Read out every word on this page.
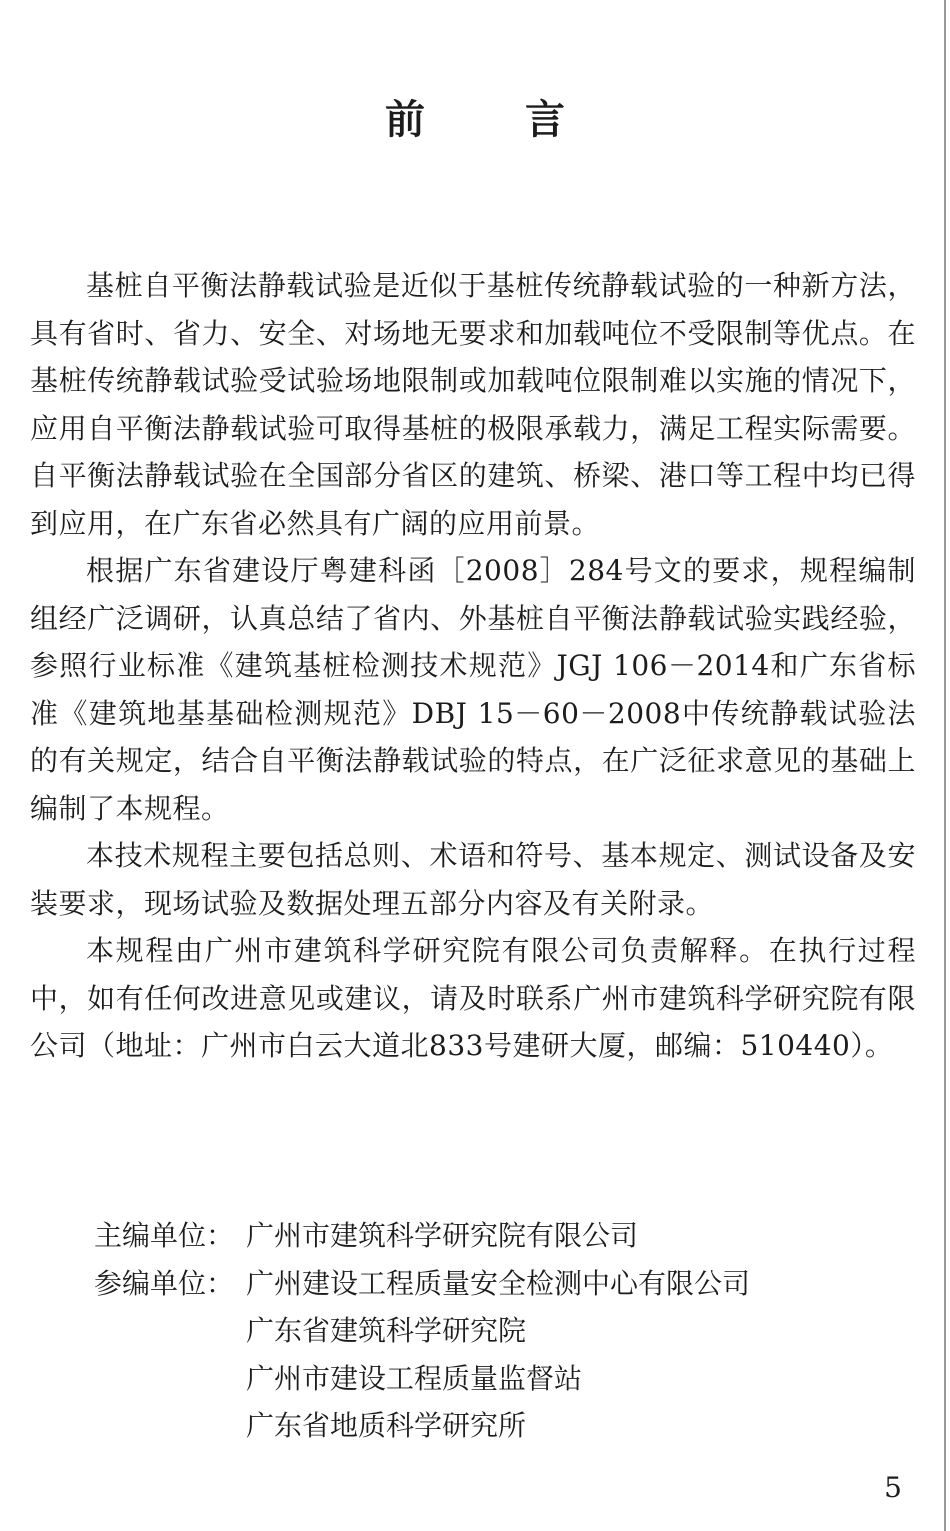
前言

基桩自平衡法静载试验是近似于基桩传统静载试验的一种新方法，具有省时、省力、安全、对场地无要求和加载吨位不受限制等优点。在基桩传统静载试验受试验场地限制或加载吨位限制难以实施的情况下，应用自平衡法静载试验可取得基桩的极限承载力，满足工程实际需要。自平衡法静载试验在全国部分省区的建筑、桥梁、港口等工程中均已得到应用，在广东省必然具有广阔的应用前景。

根据广东省建设厅粤建科函［2008］284号文的要求，规程编制组经广泛调研，认真总结了省内、外基桩自平衡法静载试验实践经验，参照行业标准《建筑基桩检测技术规范》JGJ 106－2014和广东省标准《建筑地基基础检测规范》DBJ 15－60－2008中传统静载试验法的有关规定，结合自平衡法静载试验的特点，在广泛征求意见的基础上编制了本规程。

本技术规程主要包括总则、术语和符号、基本规定、测试设备及安装要求，现场试验及数据处理五部分内容及有关附录。

本规程由广州市建筑科学研究院有限公司负责解释。在执行过程中，如有任何改进意见或建议，请及时联系广州市建筑科学研究院有限公司（地址：广州市白云大道北833号建研大厦，邮编：510440）。

主编单位： 广州市建筑科学研究院有限公司
参编单位： 广州建设工程质量安全检测中心有限公司
广东省建筑科学研究院
广州市建设工程质量监督站
广东省地质科学研究所
5
